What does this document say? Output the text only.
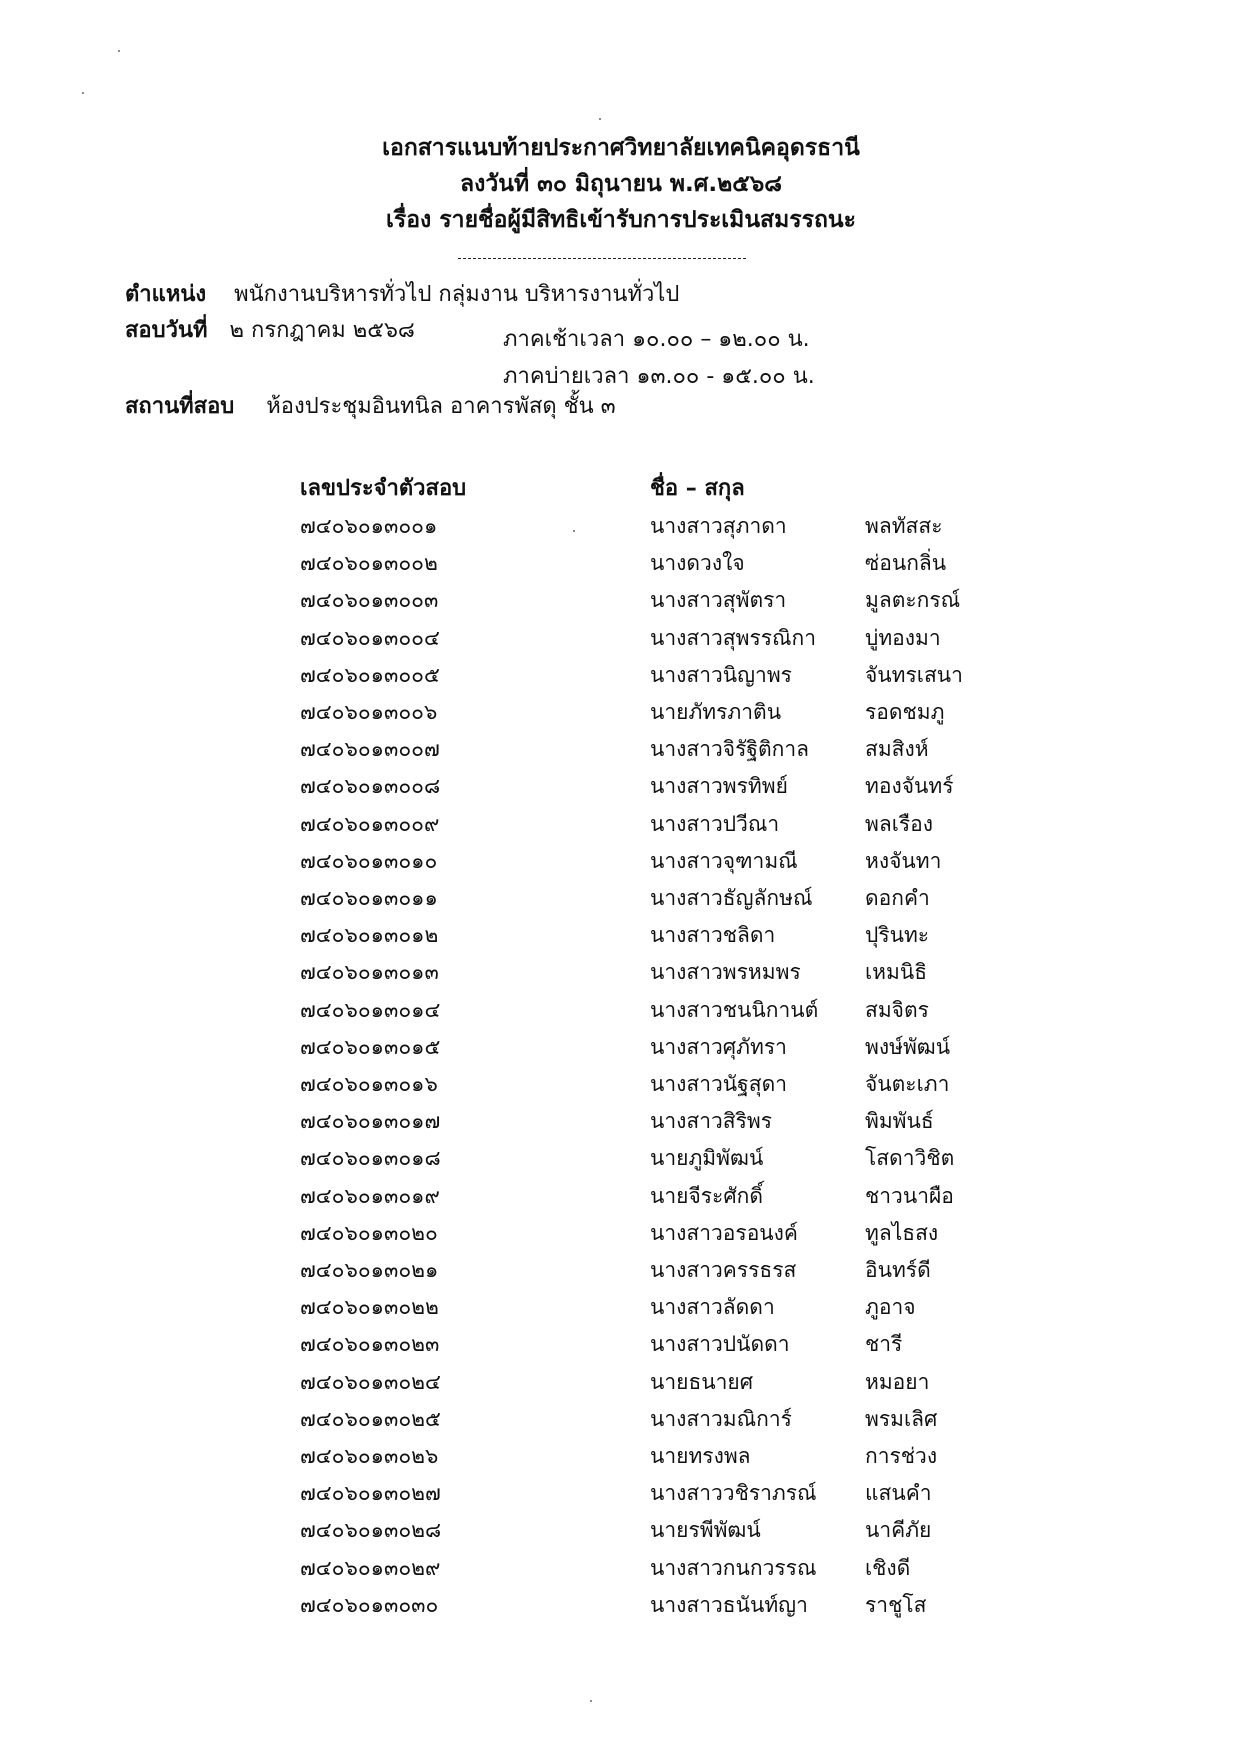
เอกสารแนบท้ายประกาศวิทยาลัยเทคนิคอุดรธานี
ลงวันที่ ๓๐ มิถุนายน พ.ศ.๒๕๖๘
เรื่อง รายชื่อผู้มีสิทธิเข้ารับการประเมินสมรรถนะ
ตำแหน่ง พนักงานบริหารทั่วไป กลุ่มงาน บริหารงานทั่วไป
สอบวันที่ ๒ กรกฎาคม ๒๕๖๘	ภาคเช้าเวลา ๑๐.๐๐ – ๑๒.๐๐ น.
ภาคบ่ายเวลา ๑๓.๐๐ - ๑๕.๐๐ น.
สถานที่สอบ ห้องประชุมอินทนิล อาคารพัสดุ ชั้น ๓
เลขประจำตัวสอบ	ชื่อ – สกุล
๗๔๐๖๐๑๓๐๐๑	นางสาวสุภาดา	พลทัสสะ
๗๔๐๖๐๑๓๐๐๒	นางดวงใจ	ซ่อนกลิ่น
๗๔๐๖๐๑๓๐๐๓	นางสาวสุพัตรา	มูลตะกรณ์
๗๔๐๖๐๑๓๐๐๔	นางสาวสุพรรณิกา บู่ทองมา
๗๔๐๖๐๑๓๐๐๕	นางสาวนิญาพร	จันทรเสนา
๗๔๐๖๐๑๓๐๐๖	นายภัทรภาติน	รอดชมภู
๗๔๐๖๐๑๓๐๐๗	นางสาวจิรัฐิติกาล	สมสิงห์
๗๔๐๖๐๑๓๐๐๘	นางสาวพรทิพย์	ทองจันทร์
๗๔๐๖๐๑๓๐๐๙	นางสาวปวีณา	พลเรือง
๗๔๐๖๐๑๓๐๑๐	นางสาวจุฑามณี	หงจันทา
๗๔๐๖๐๑๓๐๑๑	นางสาวธัญลักษณ์	ดอกคำ
๗๔๐๖๐๑๓๐๑๒	นางสาวชลิดา	ปุรินทะ
๗๔๐๖๐๑๓๐๑๓	นางสาวพรหมพร	เหมนิธิ
๗๔๐๖๐๑๓๐๑๔	นางสาวชนนิกานต์ สมจิตร
๗๔๐๖๐๑๓๐๑๕	นางสาวศุภัทรา	พงษ์พัฒน์
๗๔๐๖๐๑๓๐๑๖	นางสาวนัฐสุดา	จันตะเภา
๗๔๐๖๐๑๓๐๑๗	นางสาวสิริพร	พิมพันธ์
๗๔๐๖๐๑๓๐๑๘	นายภูมิพัฒน์	โสดาวิชิต
๗๔๐๖๐๑๓๐๑๙	นายจีระศักดิ์	ชาวนาผือ
๗๔๐๖๐๑๓๐๒๐	นางสาวอรอนงค์	ทูลไธสง
๗๔๐๖๐๑๓๐๒๑	นางสาวครรธรส	อินทร์ดี
๗๔๐๖๐๑๓๐๒๒	นางสาวลัดดา	ภูอาจ
๗๔๐๖๐๑๓๐๒๓	นางสาวปนัดดา	ชารี
๗๔๐๖๐๑๓๐๒๔	นายธนายศ	หมอยา
๗๔๐๖๐๑๓๐๒๕	นางสาวมณิการ์	พรมเลิศ
๗๔๐๖๐๑๓๐๒๖	นายทรงพล	การช่วง
๗๔๐๖๐๑๓๐๒๗	นางสาววชิราภรณ์ แสนคำ
๗๔๐๖๐๑๓๐๒๘	นายรพีพัฒน์	นาคีภัย
๗๔๐๖๐๑๓๐๒๙	นางสาวกนกวรรณ เชิงดี
๗๔๐๖๐๑๓๐๓๐	นางสาวธนันท์ญา	ราชูโส
